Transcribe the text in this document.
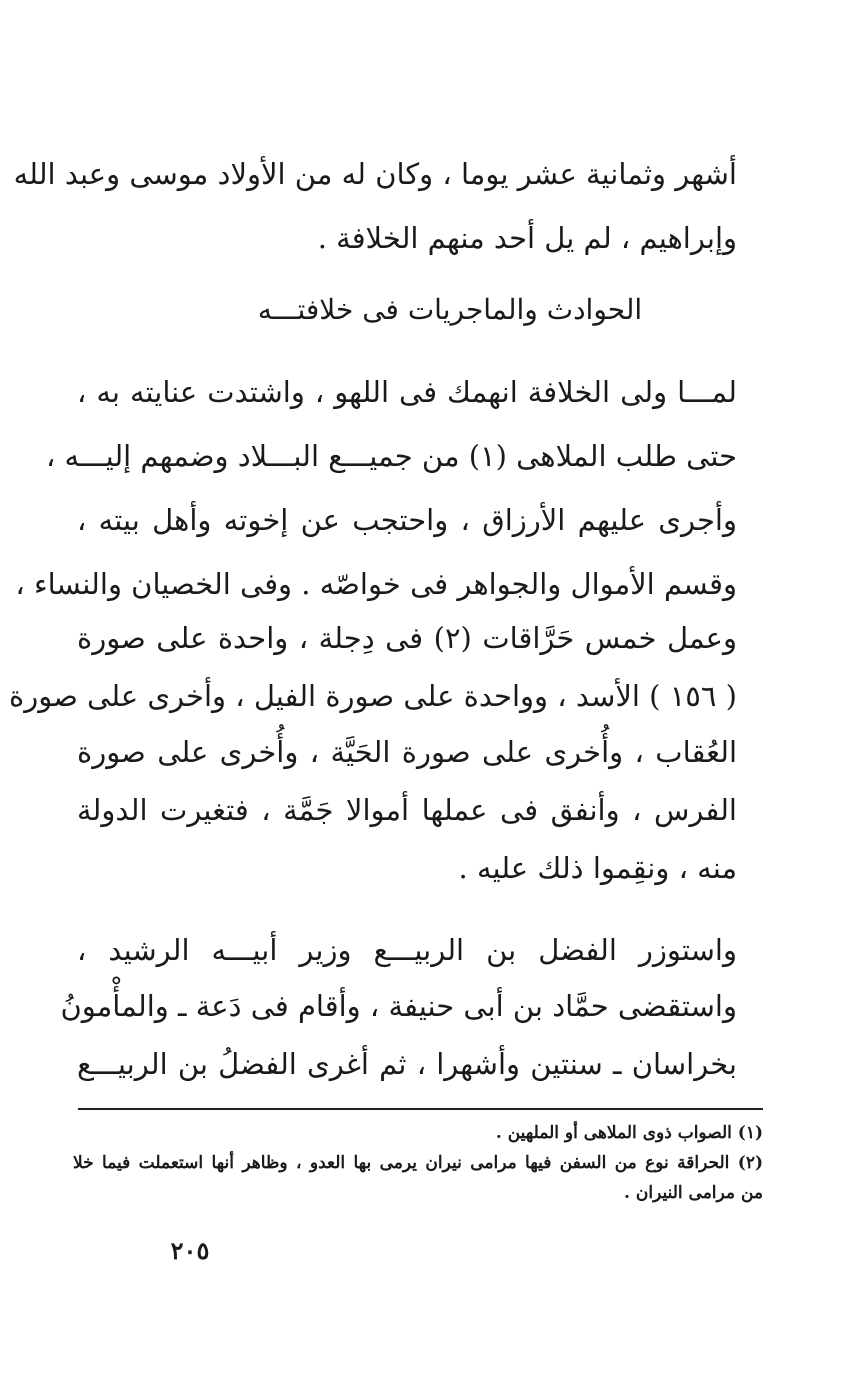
أشهر وثمانية عشر يوما ، وكان له من الأولاد موسى وعبد الله
وإبراهيم ، لم يل أحد منهم الخلافة .
الحوادث والماجريات فى خلافتـــه
لمـــا ولى الخلافة انهمك فى اللهو ، واشتدت عنايته به ،
حتى طلب الملاهى (١) من جميـــع البـــلاد وضمهم إليـــه ،
وأجرى عليهم الأرزاق ، واحتجب عن إخوته وأهل بيته ،
وقسم الأموال والجواهر فى خواصّه . وفى الخصيان والنساء ،
وعمل خمس حَرَّاقات (٢) فى دِجلة ، واحدة على صورة
( ١٥٦ ) الأسد ، وواحدة على صورة الفيل ، وأخرى على صورة
العُقاب ، وأُخرى على صورة الحَيَّة ، وأُخرى على صورة
الفرس ، وأنفق فى عملها أموالا جَمَّة ، فتغيرت الدولة
منه ، ونقِموا ذلك عليه .
واستوزر الفضل بن الربيـــع وزير أبيـــه الرشيد ،
واستقضى حمَّاد بن أبى حنيفة ، وأقام فى دَعة ـ والمأْمونُ
بخراسان ـ سنتين وأشهرا ، ثم أغرى الفضلُ بن الربيـــع
(١) الصواب ذوى الملاهى أو الملهين .
(٢) الحراقة نوع من السفن فيها مرامى نيران يرمى بها العدو ، وظاهر أنها استعملت فيما خلا
من مرامى النيران .
٢٠٥
